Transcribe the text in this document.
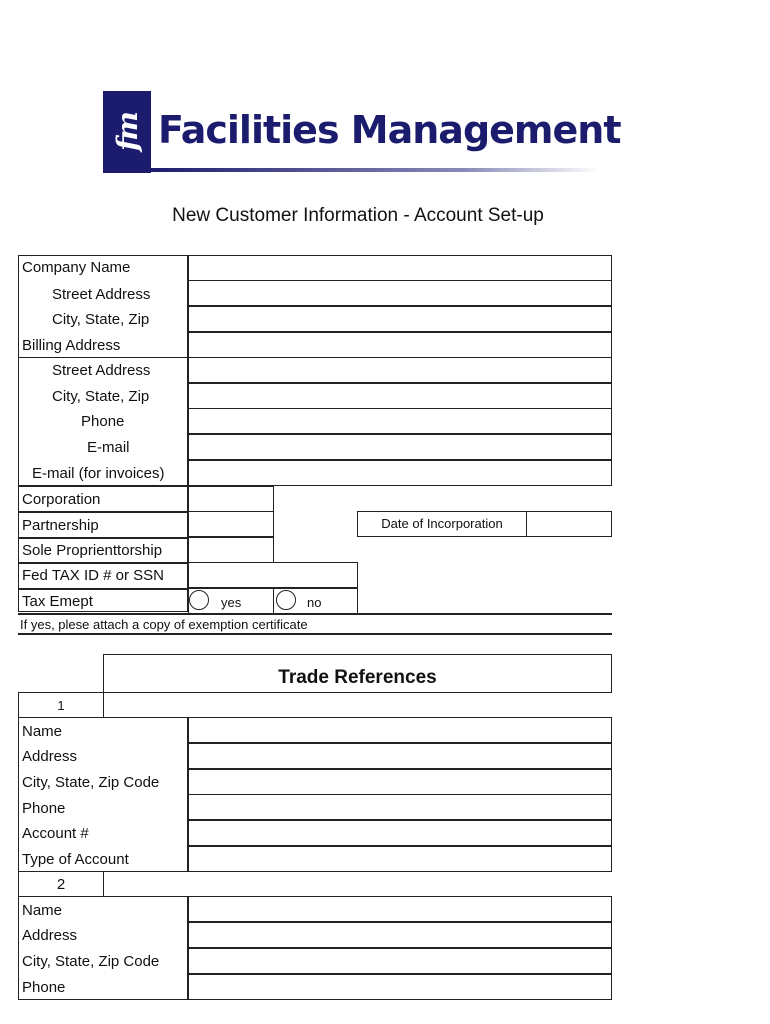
fm Facilities Management
New Customer Information - Account Set-up
Company Name
Street Address
City, State, Zip
Billing Address
Street Address
City, State, Zip
Phone
E-mail
E-mail (for invoices)
Corporation
Partnership
Sole Proprienttorship
Fed TAX ID # or SSN
Tax Emept
Date of Incorporation
yes	no
If yes, plese attach a copy of exemption certificate
Trade References
1
Name
Address
City, State, Zip Code
Phone
Account #
Type of Account
2
Name
Address
City, State, Zip Code
Phone
